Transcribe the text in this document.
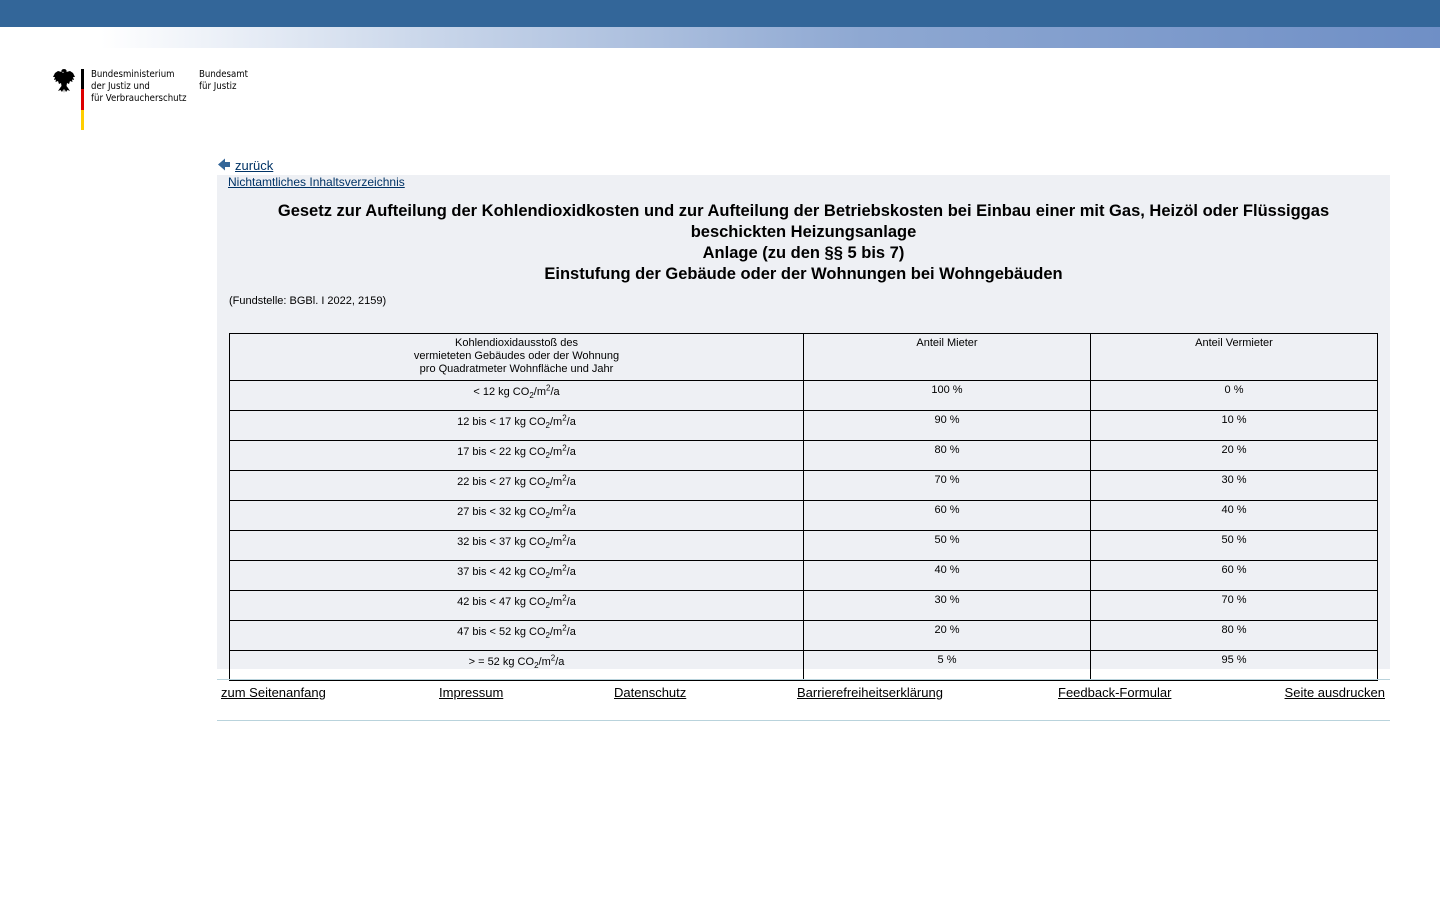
Bundesministerium
der Justiz und
für Verbraucherschutz
Bundesamt
für Justiz
zurück
Nichtamtliches Inhaltsverzeichnis
Gesetz zur Aufteilung der Kohlendioxidkosten und zur Aufteilung der Betriebskosten bei Einbau einer mit Gas, Heizöl oder Flüssiggas beschickten Heizungsanlage
Anlage (zu den §§ 5 bis 7)
Einstufung der Gebäude oder der Wohnungen bei Wohngebäuden
(Fundstelle: BGBl. I 2022, 2159)
Kohlendioxidausstoß des
vermieteten Gebäudes oder der Wohnung
pro Quadratmeter Wohnfläche und Jahr	Anteil Mieter	Anteil Vermieter
< 12 kg $CO_2/m^2/a$	100 %	0 %
12 bis < 17 kg $CO_2/m^2/a$	90 %	10 %
17 bis < 22 kg $CO_2/m^2/a$	80 %	20 %
22 bis < 27 kg $CO_2/m^2/a$	70 %	30 %
27 bis < 32 kg $CO_2/m^2/a$	60 %	40 %
32 bis < 37 kg $CO_2/m^2/a$	50 %	50 %
37 bis < 42 kg $CO_2/m^2/a$	40 %	60 %
42 bis < 47 kg $CO_2/m^2/a$	30 %	70 %
47 bis < 52 kg $CO_2/m^2/a$	20 %	80 %
> = 52 kg $CO_2/m^2/a$	5 %	95 %
zum Seitenanfang	Impressum	Datenschutz	Barrierefreiheitserklärung	Feedback-Formular	Seite ausdrucken
